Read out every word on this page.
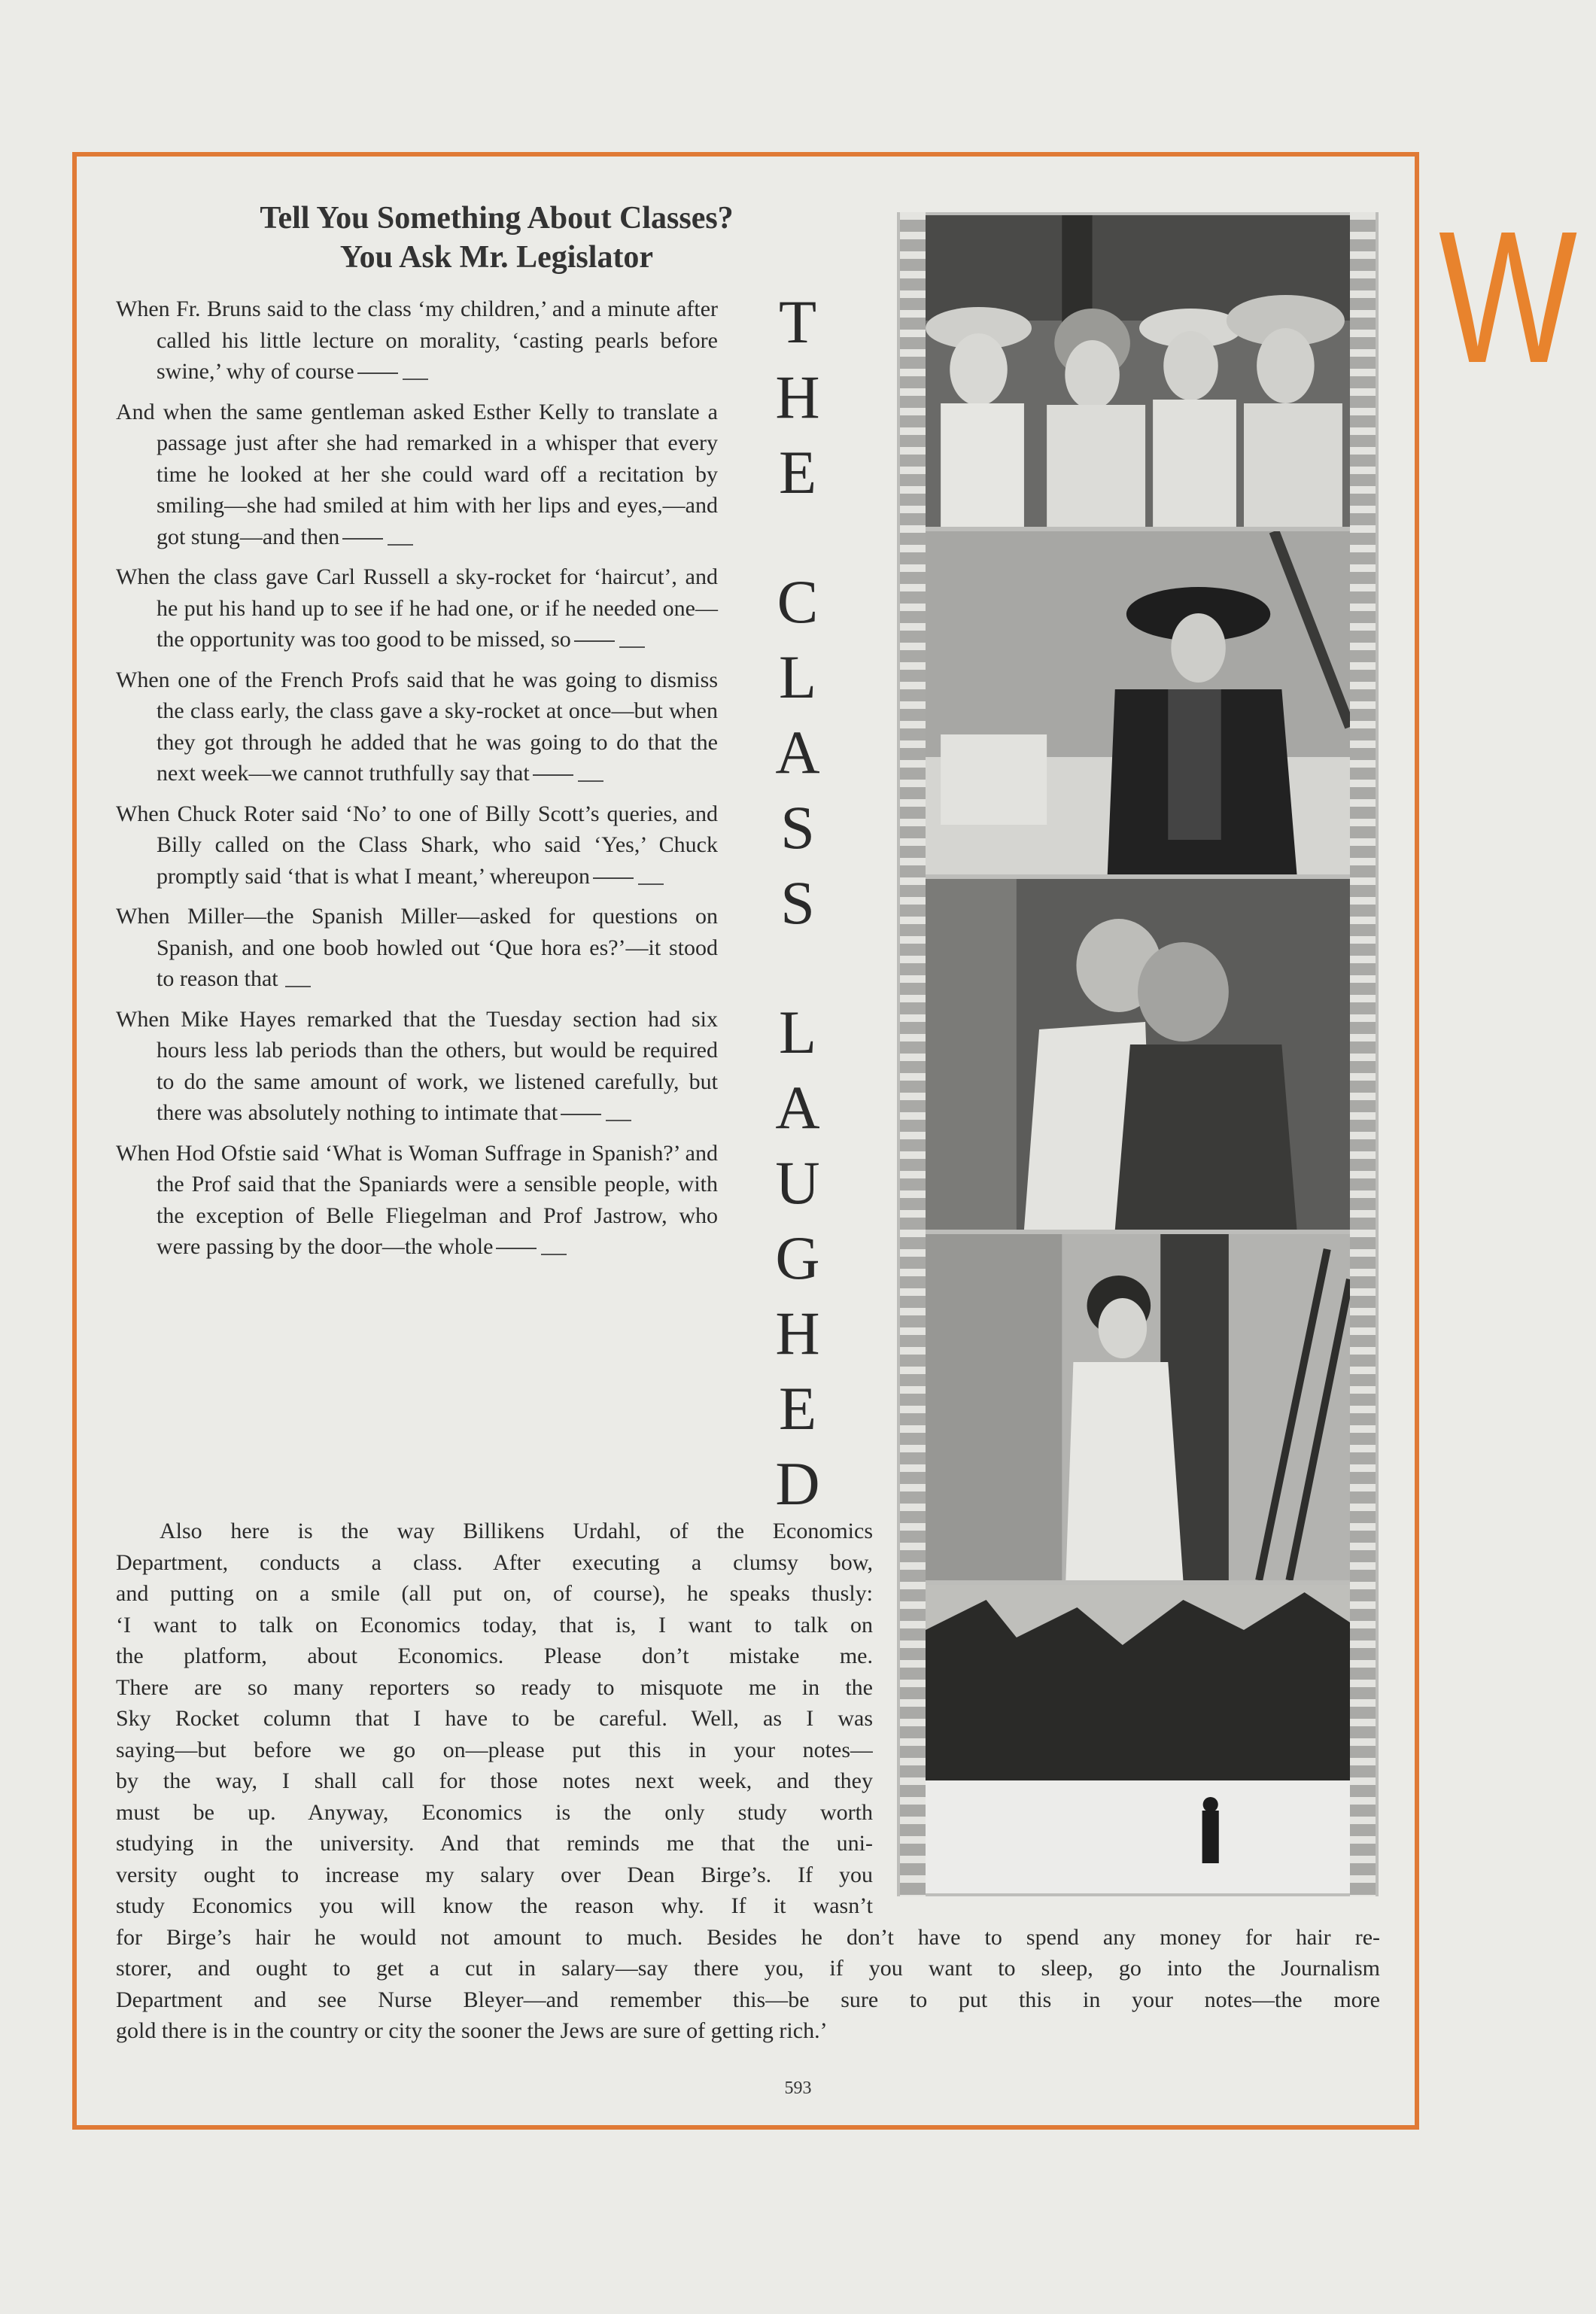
W
Tell You Something About Classes?
You Ask Mr. Legislator
When Fr. Bruns said to the class ‘my children,’ and a minute after called his little lecture on morality, ‘casting pearls before swine,’ why of course
And when the same gentleman asked Esther Kelly to translate a passage just after she had remarked in a whisper that every time he looked at her she could ward off a recitation by smiling—she had smiled at him with her lips and eyes,—and got stung—and then
When the class gave Carl Russell a sky-rocket for ‘haircut’, and he put his hand up to see if he had one, or if he needed one—the opportunity was too good to be missed, so
When one of the French Profs said that he was going to dismiss the class early, the class gave a sky-rocket at once—but when they got through he added that he was going to do that the next week—we cannot truthfully say that
When Chuck Roter said ‘No’ to one of Billy Scott’s queries, and Billy called on the Class Shark, who said ‘Yes,’ Chuck promptly said ‘that is what I meant,’ whereupon
When Miller—the Spanish Miller—asked for questions on Spanish, and one boob howled out ‘Que hora es?’—it stood to reason that
When Mike Hayes remarked that the Tuesday section had six hours less lab periods than the others, but would be required to do the same amount of work, we listened carefully, but there was absolutely nothing to intimate that
When Hod Ofstie said ‘What is Woman Suffrage in Spanish?’ and the Prof said that the Spaniards were a sensible people, with the exception of Belle Fliegelman and Prof Jastrow, who were passing by the door—the whole
T
H
E
C
L
A
S
S
L
A
U
G
H
E
D
Also here is the way Billikens Urdahl, of the Economics
Department, conducts a class. After executing a clumsy bow,
and putting on a smile (all put on, of course), he speaks thusly:
‘I want to talk on Economics today, that is, I want to talk on
the platform, about Economics. Please don’t mistake me.
There are so many reporters so ready to misquote me in the
Sky Rocket column that I have to be careful. Well, as I was
saying—but before we go on—please put this in your notes—
by the way, I shall call for those notes next week, and they
must be up. Anyway, Economics is the only study worth
studying in the university. And that reminds me that the uni-
versity ought to increase my salary over Dean Birge’s. If you
study Economics you will know the reason why. If it wasn’t
for Birge’s hair he would not amount to much. Besides he don’t have to spend any money for hair re-
storer, and ought to get a cut in salary—say there you, if you want to sleep, go into the Journalism
Department and see Nurse Bleyer—and remember this—be sure to put this in your notes—the more
gold there is in the country or city the sooner the Jews are sure of getting rich.’
593
